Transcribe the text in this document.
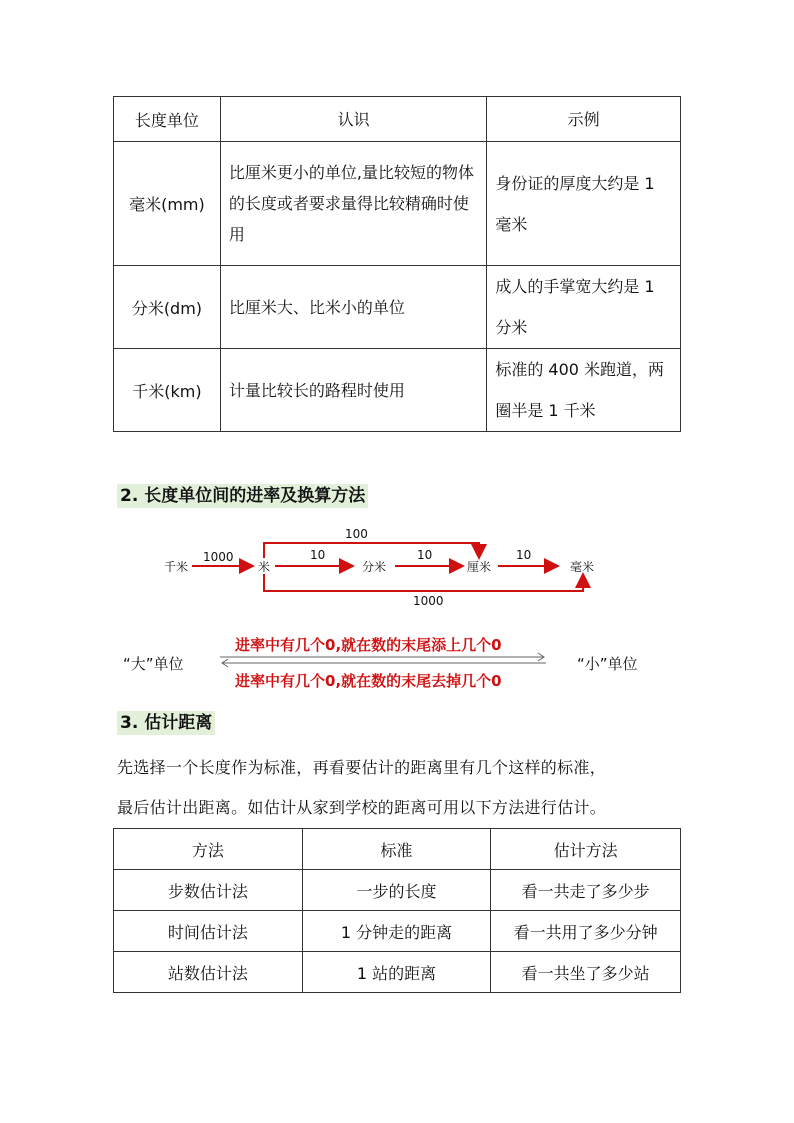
长度单位	认识	示例
毫米(mm)	比厘米更小的单位,量比较短的物体的长度或者要求量得比较精确时使用	身份证的厚度大约是 1 毫米
分米(dm)	比厘米大、比米小的单位	成人的手掌宽大约是 1 分米
千米(km)	计量比较长的路程时使用	标准的 400 米跑道，两圈半是 1 千米
2. 长度单位间的进率及换算方法
千米	米	分米	厘米	毫米
1000	10	10	10
100
1000
进率中有几个0,就在数的末尾添上几个0
“大”单位	“小”单位
进率中有几个0,就在数的末尾去掉几个0
3. 估计距离
先选择一个长度作为标准，再看要估计的距离里有几个这样的标准，
最后估计出距离。如估计从家到学校的距离可用以下方法进行估计。
方法	标准	估计方法
步数估计法	一步的长度	看一共走了多少步
时间估计法	1 分钟走的距离	看一共用了多少分钟
站数估计法	1 站的距离	看一共坐了多少站
